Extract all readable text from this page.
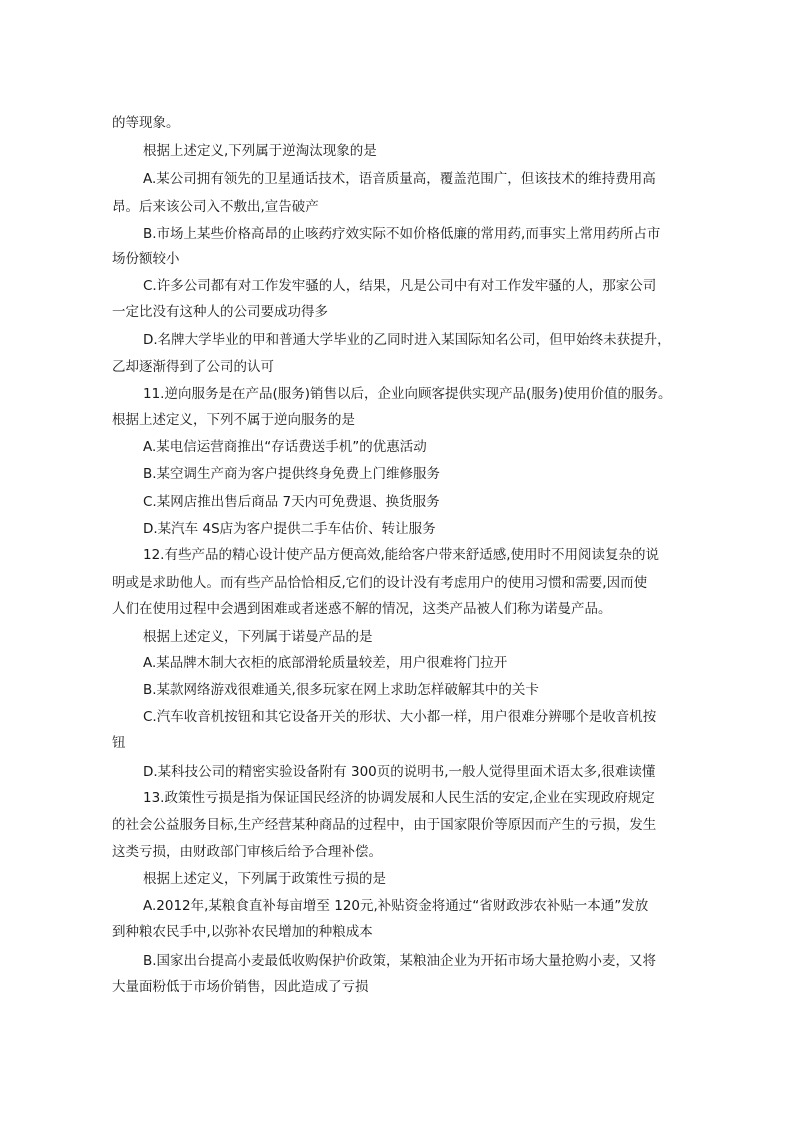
的等现象。
根据上述定义,下列属于逆淘汰现象的是
A.某公司拥有领先的卫星通话技术，语音质量高，覆盖范围广，但该技术的维持费用高
昂。后来该公司入不敷出,宣告破产
B.市场上某些价格高昂的止咳药疗效实际不如价格低廉的常用药,而事实上常用药所占市
场份额较小
C.许多公司都有对工作发牢骚的人，结果，凡是公司中有对工作发牢骚的人，那家公司
一定比没有这种人的公司要成功得多
D.名牌大学毕业的甲和普通大学毕业的乙同时进入某国际知名公司，但甲始终未获提升，
乙却逐渐得到了公司的认可
11.逆向服务是在产品(服务)销售以后，企业向顾客提供实现产品(服务)使用价值的服务。
根据上述定义，下列不属于逆向服务的是
A.某电信运营商推出“存话费送手机”的优惠活动
B.某空调生产商为客户提供终身免费上门维修服务
C.某网店推出售后商品 7天内可免费退、换货服务
D.某汽车 4S店为客户提供二手车估价、转让服务
12.有些产品的精心设计使产品方便高效,能给客户带来舒适感,使用时不用阅读复杂的说
明或是求助他人。而有些产品恰恰相反,它们的设计没有考虑用户的使用习惯和需要,因而使
人们在使用过程中会遇到困难或者迷惑不解的情况，这类产品被人们称为诺曼产品。
根据上述定义，下列属于诺曼产品的是
A.某品牌木制大衣柜的底部滑轮质量较差，用户很难将门拉开
B.某款网络游戏很难通关,很多玩家在网上求助怎样破解其中的关卡
C.汽车收音机按钮和其它设备开关的形状、大小都一样，用户很难分辨哪个是收音机按
钮
D.某科技公司的精密实验设备附有 300页的说明书,一般人觉得里面术语太多,很难读懂
13.政策性亏损是指为保证国民经济的协调发展和人民生活的安定,企业在实现政府规定
的社会公益服务目标,生产经营某种商品的过程中，由于国家限价等原因而产生的亏损，发生
这类亏损，由财政部门审核后给予合理补偿。
根据上述定义，下列属于政策性亏损的是
A.2012年,某粮食直补每亩增至 120元,补贴资金将通过“省财政涉农补贴一本通”发放
到种粮农民手中,以弥补农民增加的种粮成本
B.国家出台提高小麦最低收购保护价政策，某粮油企业为开拓市场大量抢购小麦，又将
大量面粉低于市场价销售，因此造成了亏损
